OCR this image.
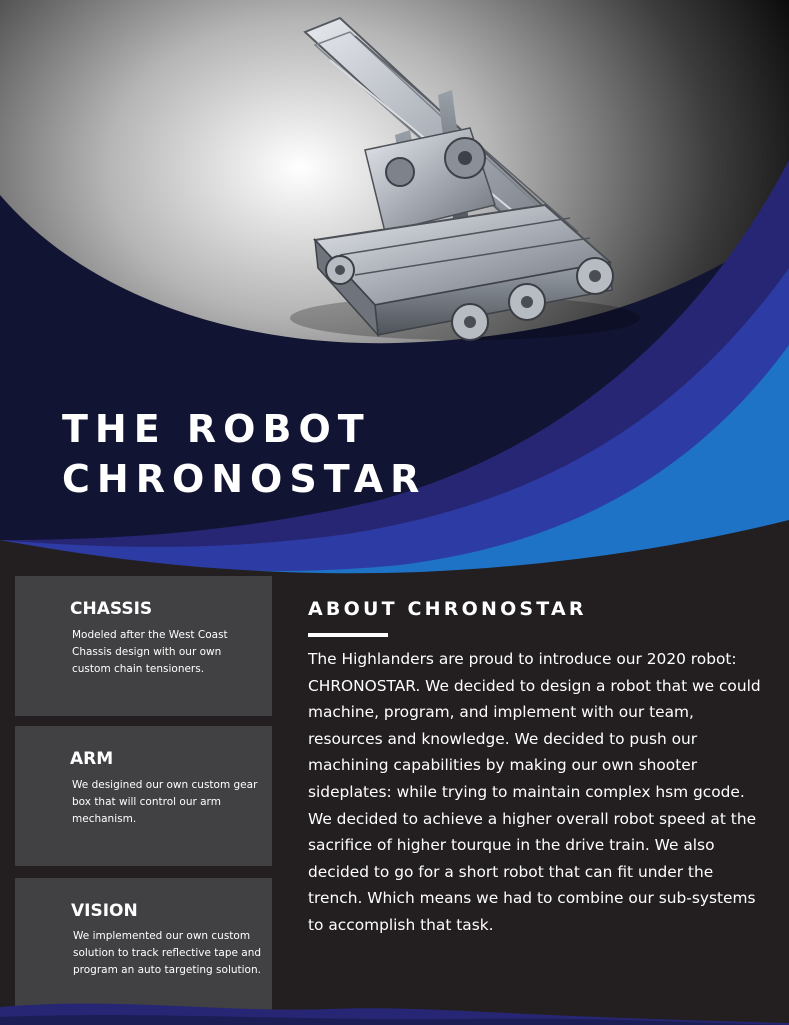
THE ROBOT
CHRONOSTAR
CHASSIS

Modeled after the West Coast Chassis design with our own custom chain tensioners.

ARM

We desigined our own custom gear box that will control our arm mechanism.

VISION

We implemented our own custom solution to track reflective tape and program an auto targeting solution.

ABOUT CHRONOSTAR

The Highlanders are proud to introduce our 2020 robot: CHRONOSTAR. We decided to design a robot that we could machine, program, and implement with our team, resources and knowledge. We decided to push our machining capabilities by making our own shooter sideplates: while trying to maintain complex hsm gcode. We decided to achieve a higher overall robot speed at the sacrifice of higher tourque in the drive train. We also decided to go for a short robot that can fit under the trench. Which means we had to combine our sub-systems to accomplish that task.
